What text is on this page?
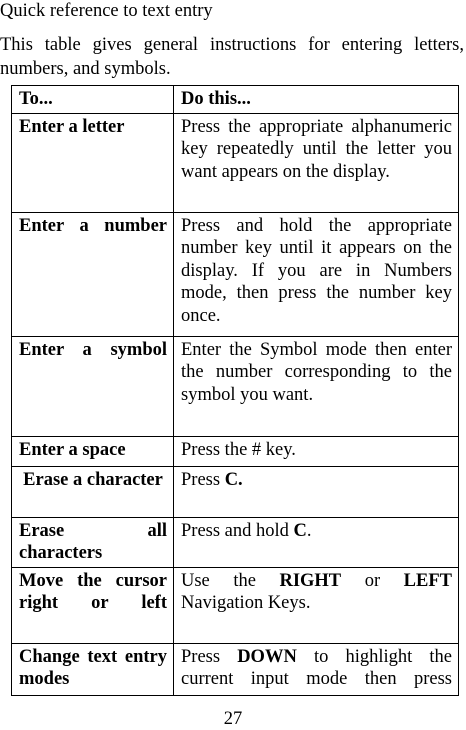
Quick reference to text entry

This table gives general instructions for entering letters, numbers, and symbols.

To...	Do this...
Enter a letter	Press the appropriate alphanumeric key repeatedly until the letter you want appears on the display.
Enter a number	Press and hold the appropriate number key until it appears on the display. If you are in Numbers mode, then press the number key once.
Enter a symbol	Enter the Symbol mode then enter the number corresponding to the symbol you want.
Enter a space	Press the # key.
Erase a character	Press C.
Erase all characters	Press and hold C.
Move the cursor right or left	Use the RIGHT or LEFT Navigation Keys.
Change text entry modes	Press DOWN to highlight the current input mode then press
27
